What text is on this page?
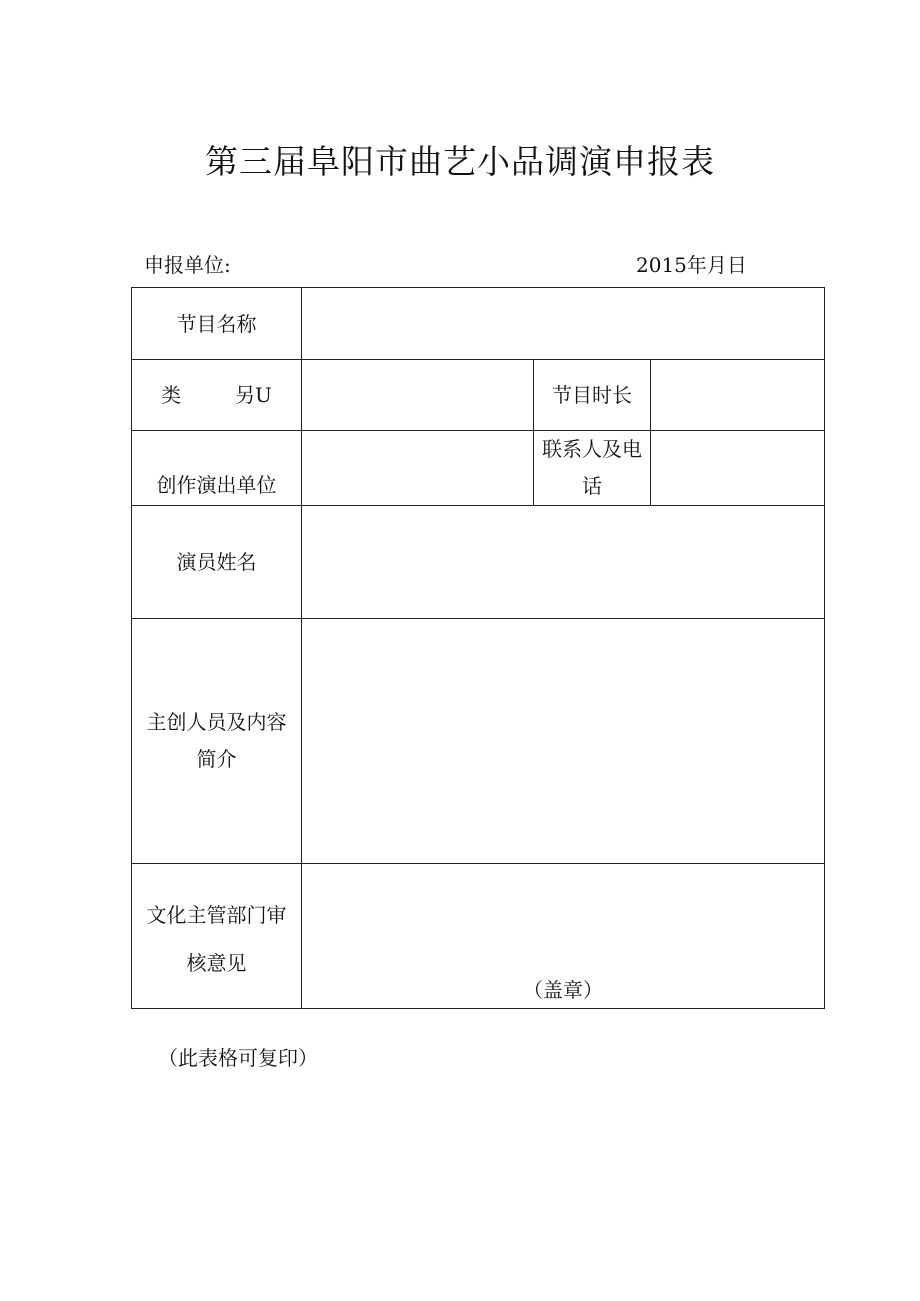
第三届阜阳市曲艺小品调演申报表
申报单位:	2015年月日
节目名称			
类 另U		节目时长	
创作演出单位		联系人及电
话	

演员姓名			

主创人员及内容
简介			

文化主管部门审
核意见	（盖章）		
（此表格可复印）
